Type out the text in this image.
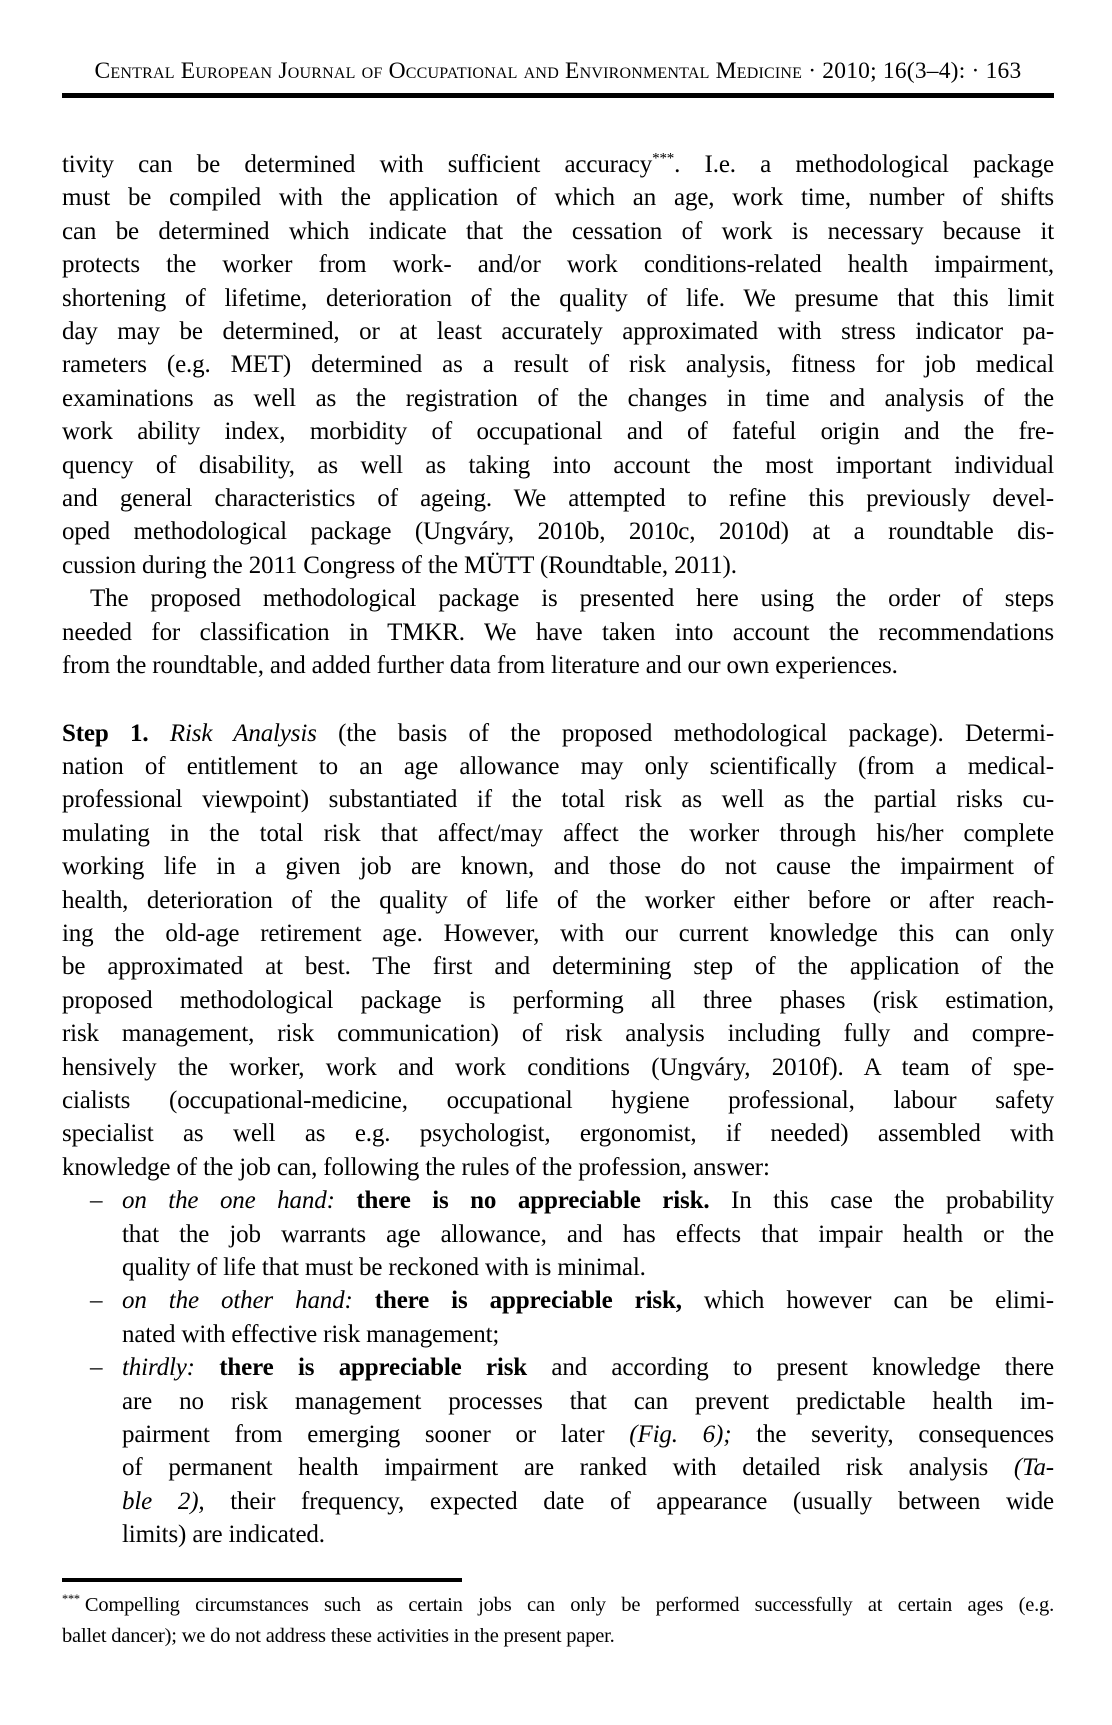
Central European Journal of Occupational and Environmental Medicine · 2010; 16(3–4): · 163
tivity can be determined with sufficient accuracy***. I.e. a methodological package
must be compiled with the application of which an age, work time, number of shifts
can be determined which indicate that the cessation of work is necessary because it
protects the worker from work- and/or work conditions-related health impairment,
shortening of lifetime, deterioration of the quality of life. We presume that this limit
day may be determined, or at least accurately approximated with stress indicator pa-
rameters (e.g. MET) determined as a result of risk analysis, fitness for job medical
examinations as well as the registration of the changes in time and analysis of the
work ability index, morbidity of occupational and of fateful origin and the fre-
quency of disability, as well as taking into account the most important individual
and general characteristics of ageing. We attempted to refine this previously devel-
oped methodological package (Ungváry, 2010b, 2010c, 2010d) at a roundtable dis-
cussion during the 2011 Congress of the MÜTT (Roundtable, 2011).
The proposed methodological package is presented here using the order of steps
needed for classification in TMKR. We have taken into account the recommendations
from the roundtable, and added further data from literature and our own experiences.
Step 1. Risk Analysis (the basis of the proposed methodological package). Determi-
nation of entitlement to an age allowance may only scientifically (from a medical-
professional viewpoint) substantiated if the total risk as well as the partial risks cu-
mulating in the total risk that affect/may affect the worker through his/her complete
working life in a given job are known, and those do not cause the impairment of
health, deterioration of the quality of life of the worker either before or after reach-
ing the old-age retirement age. However, with our current knowledge this can only
be approximated at best. The first and determining step of the application of the
proposed methodological package is performing all three phases (risk estimation,
risk management, risk communication) of risk analysis including fully and compre-
hensively the worker, work and work conditions (Ungváry, 2010f). A team of spe-
cialists (occupational-medicine, occupational hygiene professional, labour safety
specialist as well as e.g. psychologist, ergonomist, if needed) assembled with
knowledge of the job can, following the rules of the profession, answer:
– on the one hand: there is no appreciable risk. In this case the probability
that the job warrants age allowance, and has effects that impair health or the
quality of life that must be reckoned with is minimal.
– on the other hand: there is appreciable risk, which however can be elimi-
nated with effective risk management;
– thirdly: there is appreciable risk and according to present knowledge there
are no risk management processes that can prevent predictable health im-
pairment from emerging sooner or later (Fig. 6); the severity, consequences
of permanent health impairment are ranked with detailed risk analysis (Ta-
ble 2), their frequency, expected date of appearance (usually between wide
limits) are indicated.
*** Compelling circumstances such as certain jobs can only be performed successfully at certain ages (e.g.
ballet dancer); we do not address these activities in the present paper.
